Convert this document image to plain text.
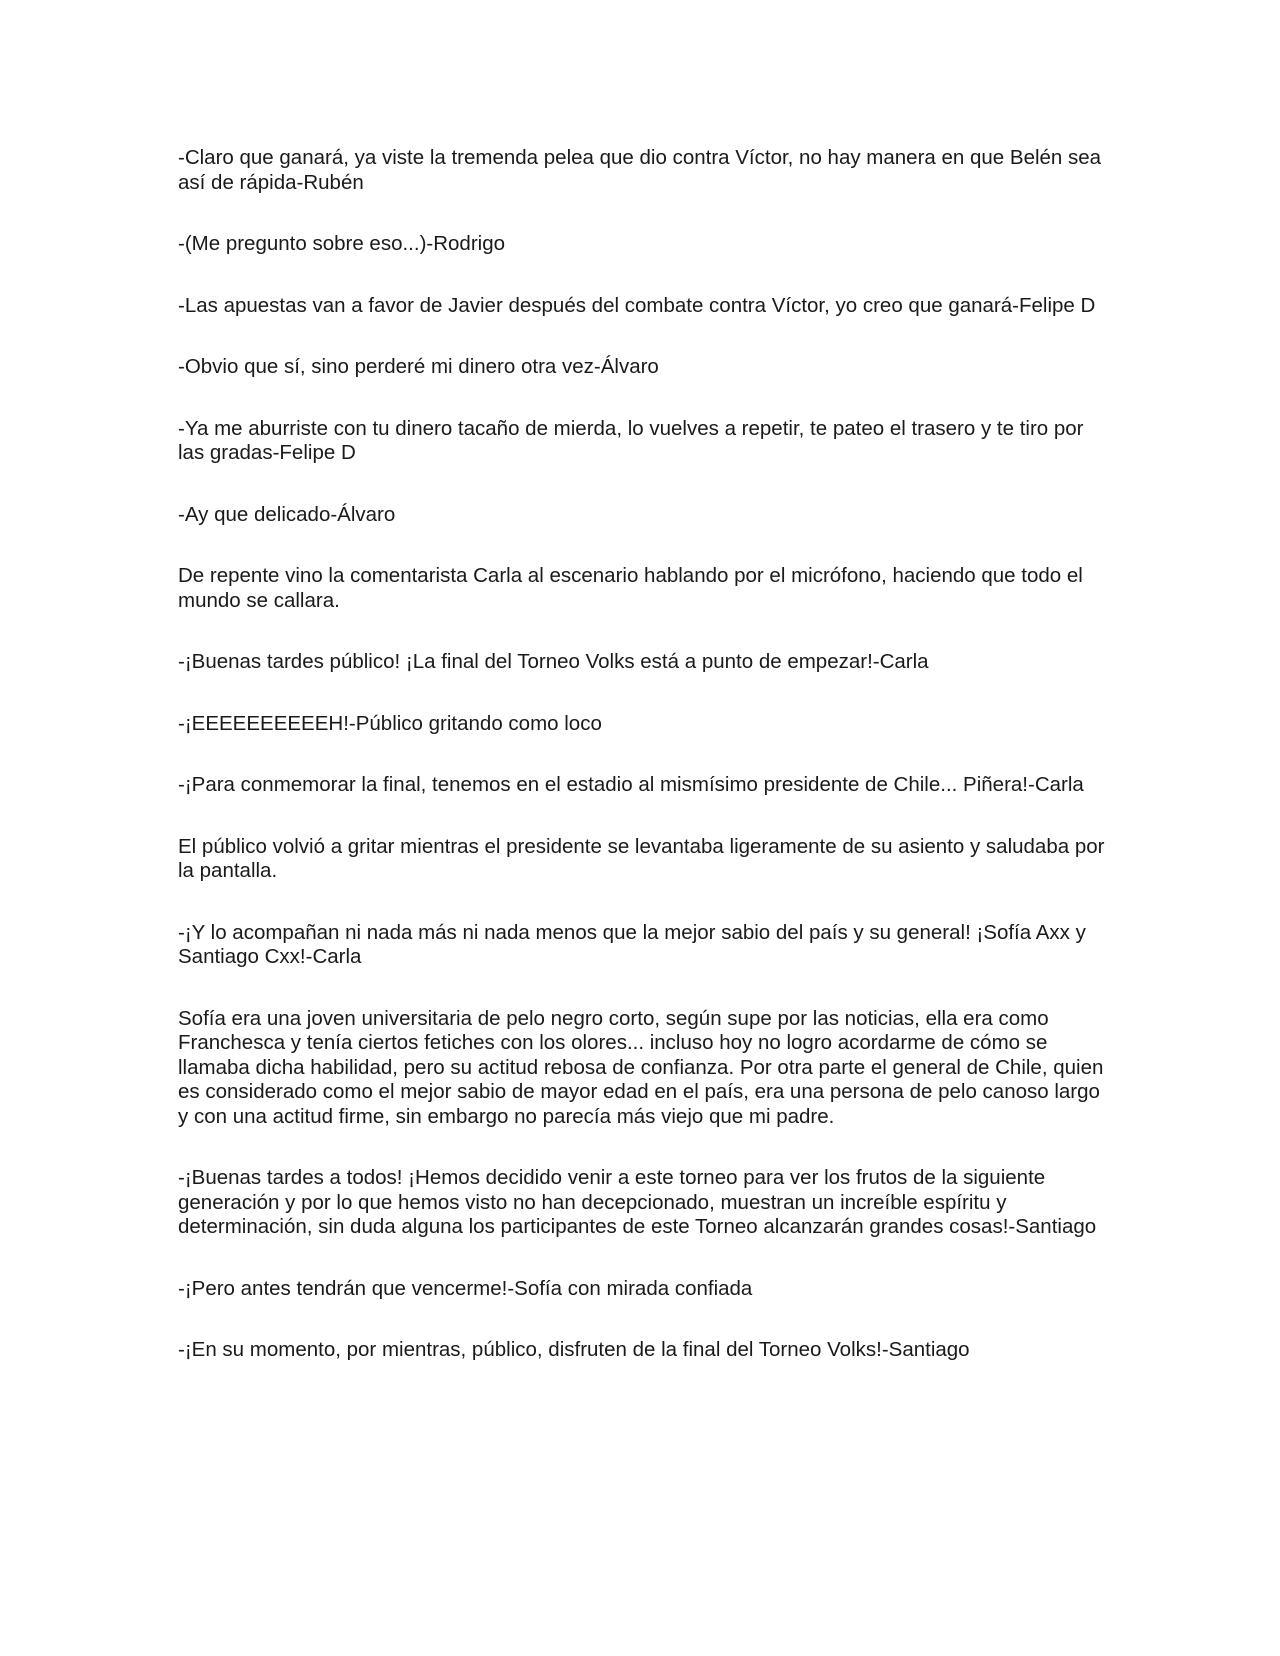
-Claro que ganará, ya viste la tremenda pelea que dio contra Víctor, no hay manera en que Belén sea así de rápida-Rubén

-(Me pregunto sobre eso...)-Rodrigo

-Las apuestas van a favor de Javier después del combate contra Víctor, yo creo que ganará-Felipe D

-Obvio que sí, sino perderé mi dinero otra vez-Álvaro

-Ya me aburriste con tu dinero tacaño de mierda, lo vuelves a repetir, te pateo el trasero y te tiro por las gradas-Felipe D

-Ay que delicado-Álvaro

De repente vino la comentarista Carla al escenario hablando por el micrófono, haciendo que todo el mundo se callara.

-¡Buenas tardes público! ¡La final del Torneo Volks está a punto de empezar!-Carla

-¡EEEEEEEEEEH!-Público gritando como loco

-¡Para conmemorar la final, tenemos en el estadio al mismísimo presidente de Chile... Piñera!-Carla

El público volvió a gritar mientras el presidente se levantaba ligeramente de su asiento y saludaba por la pantalla.

-¡Y lo acompañan ni nada más ni nada menos que la mejor sabio del país y su general! ¡Sofía Axx y Santiago Cxx!-Carla

Sofía era una joven universitaria de pelo negro corto, según supe por las noticias, ella era como Franchesca y tenía ciertos fetiches con los olores... incluso hoy no logro acordarme de cómo se llamaba dicha habilidad, pero su actitud rebosa de confianza. Por otra parte el general de Chile, quien es considerado como el mejor sabio de mayor edad en el país, era una persona de pelo canoso largo y con una actitud firme, sin embargo no parecía más viejo que mi padre.

-¡Buenas tardes a todos! ¡Hemos decidido venir a este torneo para ver los frutos de la siguiente generación y por lo que hemos visto no han decepcionado, muestran un increíble espíritu y determinación, sin duda alguna los participantes de este Torneo alcanzarán grandes cosas!-Santiago

-¡Pero antes tendrán que vencerme!-Sofía con mirada confiada

-¡En su momento, por mientras, público, disfruten de la final del Torneo Volks!-Santiago
